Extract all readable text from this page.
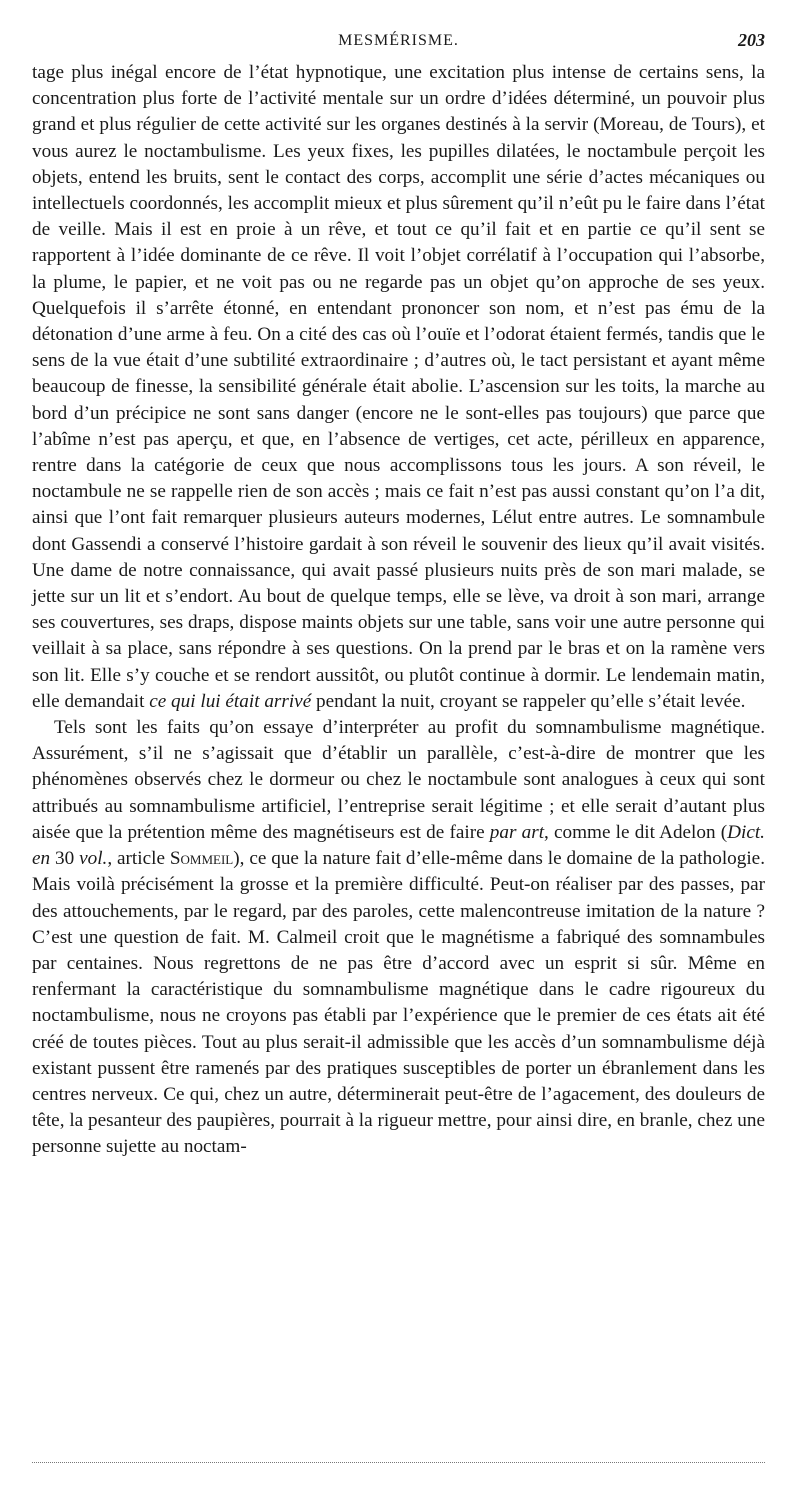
MESMÉRISME.	203

tage plus inégal encore de l’état hypnotique, une excitation plus intense de certains sens, la concentration plus forte de l’activité mentale sur un ordre d’idées déterminé, un pouvoir plus grand et plus régulier de cette activité sur les organes destinés à la servir (Moreau, de Tours), et vous aurez le noctambulisme. Les yeux fixes, les pupilles dilatées, le noctambule perçoit les objets, entend les bruits, sent le contact des corps, accomplit une série d’actes mécaniques ou intellectuels coordonnés, les accomplit mieux et plus sûrement qu’il n’eût pu le faire dans l’état de veille. Mais il est en proie à un rêve, et tout ce qu’il fait et en partie ce qu’il sent se rapportent à l’idée dominante de ce rêve. Il voit l’objet corrélatif à l’occupation qui l’absorbe, la plume, le papier, et ne voit pas ou ne regarde pas un objet qu’on approche de ses yeux. Quelquefois il s’arrête étonné, en entendant prononcer son nom, et n’est pas ému de la détonation d’une arme à feu. On a cité des cas où l’ouïe et l’odorat étaient fermés, tandis que le sens de la vue était d’une subtilité extraordinaire ; d’autres où, le tact persistant et ayant même beaucoup de finesse, la sensibilité générale était abolie. L’ascension sur les toits, la marche au bord d’un précipice ne sont sans danger (encore ne le sont-elles pas toujours) que parce que l’abîme n’est pas aperçu, et que, en l’absence de vertiges, cet acte, périlleux en apparence, rentre dans la catégorie de ceux que nous accomplissons tous les jours. A son réveil, le noctambule ne se rappelle rien de son accès ; mais ce fait n’est pas aussi constant qu’on l’a dit, ainsi que l’ont fait remarquer plusieurs auteurs modernes, Lélut entre autres. Le somnambule dont Gassendi a conservé l’histoire gardait à son réveil le souvenir des lieux qu’il avait visités. Une dame de notre connaissance, qui avait passé plusieurs nuits près de son mari malade, se jette sur un lit et s’endort. Au bout de quelque temps, elle se lève, va droit à son mari, arrange ses couvertures, ses draps, dispose maints objets sur une table, sans voir une autre personne qui veillait à sa place, sans répondre à ses questions. On la prend par le bras et on la ramène vers son lit. Elle s’y couche et se rendort aussitôt, ou plutôt continue à dormir. Le lendemain matin, elle demandait ce qui lui était arrivé pendant la nuit, croyant se rappeler qu’elle s’était levée.

Tels sont les faits qu’on essaye d’interpréter au profit du somnambulisme magnétique. Assurément, s’il ne s’agissait que d’établir un parallèle, c’est-à-dire de montrer que les phénomènes observés chez le dormeur ou chez le noctambule sont analogues à ceux qui sont attribués au somnambulisme artificiel, l’entreprise serait légitime ; et elle serait d’autant plus aisée que la prétention même des magnétiseurs est de faire par art, comme le dit Adelon (Dict. en 30 vol., article Sommeil), ce que la nature fait d’elle-même dans le domaine de la pathologie. Mais voilà précisément la grosse et la première difficulté. Peut-on réaliser par des passes, par des attouchements, par le regard, par des paroles, cette malencontreuse imitation de la nature ? C’est une question de fait. M. Calmeil croit que le magnétisme a fabriqué des somnambules par centaines. Nous regrettons de ne pas être d’accord avec un esprit si sûr. Même en renfermant la caractéristique du somnambulisme magnétique dans le cadre rigoureux du noctambulisme, nous ne croyons pas établi par l’expérience que le premier de ces états ait été créé de toutes pièces. Tout au plus serait-il admissible que les accès d’un somnambulisme déjà existant pussent être ramenés par des pratiques susceptibles de porter un ébranlement dans les centres nerveux. Ce qui, chez un autre, déterminerait peut-être de l’agacement, des douleurs de tête, la pesanteur des paupières, pourrait à la rigueur mettre, pour ainsi dire, en branle, chez une personne sujette au noctam-
